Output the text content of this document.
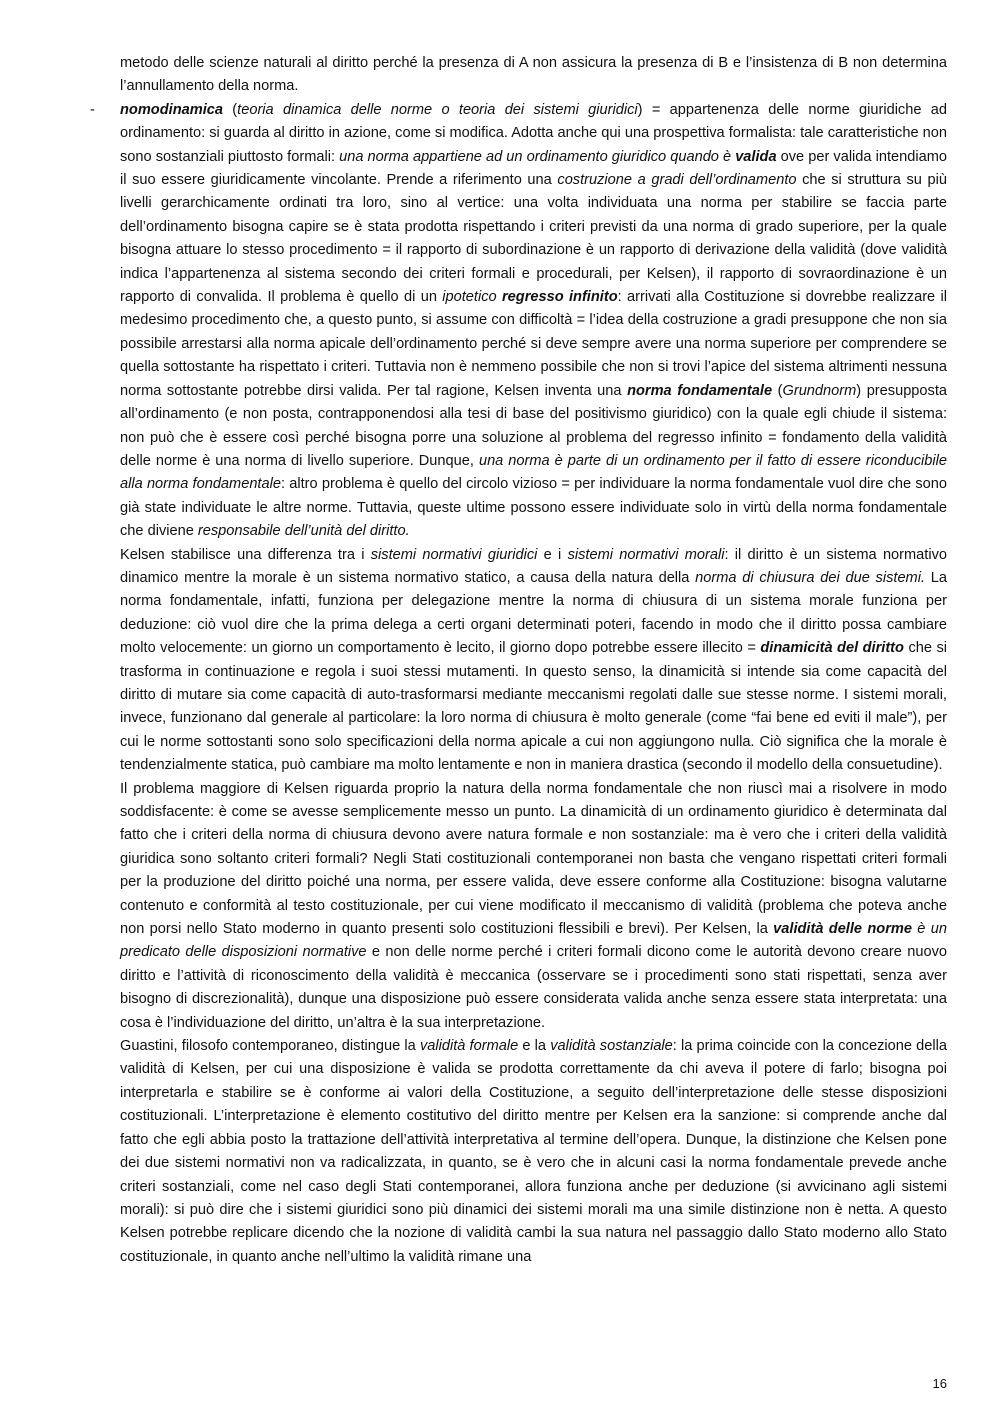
metodo delle scienze naturali al diritto perché la presenza di A non assicura la presenza di B e l’insistenza di B non determina l’annullamento della norma.

- nomodinamica (teoria dinamica delle norme o teoria dei sistemi giuridici) = appartenenza delle norme giuridiche ad ordinamento: si guarda al diritto in azione, come si modifica. Adotta anche qui una prospettiva formalista: tale caratteristiche non sono sostanziali piuttosto formali: una norma appartiene ad un ordinamento giuridico quando è valida ove per valida intendiamo il suo essere giuridicamente vincolante. Prende a riferimento una costruzione a gradi dell’ordinamento che si struttura su più livelli gerarchicamente ordinati tra loro, sino al vertice: una volta individuata una norma per stabilire se faccia parte dell’ordinamento bisogna capire se è stata prodotta rispettando i criteri previsti da una norma di grado superiore, per la quale bisogna attuare lo stesso procedimento = il rapporto di subordinazione è un rapporto di derivazione della validità (dove validità indica l’appartenenza al sistema secondo dei criteri formali e procedurali, per Kelsen), il rapporto di sovraordinazione è un rapporto di convalida. Il problema è quello di un ipotetico regresso infinito: arrivati alla Costituzione si dovrebbe realizzare il medesimo procedimento che, a questo punto, si assume con difficoltà = l’idea della costruzione a gradi presuppone che non sia possibile arrestarsi alla norma apicale dell’ordinamento perché si deve sempre avere una norma superiore per comprendere se quella sottostante ha rispettato i criteri. Tuttavia non è nemmeno possibile che non si trovi l’apice del sistema altrimenti nessuna norma sottostante potrebbe dirsi valida. Per tal ragione, Kelsen inventa una norma fondamentale (Grundnorm) presupposta all’ordinamento (e non posta, contrapponendosi alla tesi di base del positivismo giuridico) con la quale egli chiude il sistema: non può che è essere così perché bisogna porre una soluzione al problema del regresso infinito = fondamento della validità delle norme è una norma di livello superiore. Dunque, una norma è parte di un ordinamento per il fatto di essere riconducibile alla norma fondamentale: altro problema è quello del circolo vizioso = per individuare la norma fondamentale vuol dire che sono già state individuate le altre norme. Tuttavia, queste ultime possono essere individuate solo in virtù della norma fondamentale che diviene responsabile dell’unità del diritto.

Kelsen stabilisce una differenza tra i sistemi normativi giuridici e i sistemi normativi morali: il diritto è un sistema normativo dinamico mentre la morale è un sistema normativo statico, a causa della natura della norma di chiusura dei due sistemi. La norma fondamentale, infatti, funziona per delegazione mentre la norma di chiusura di un sistema morale funziona per deduzione: ciò vuol dire che la prima delega a certi organi determinati poteri, facendo in modo che il diritto possa cambiare molto velocemente: un giorno un comportamento è lecito, il giorno dopo potrebbe essere illecito = dinamicità del diritto che si trasforma in continuazione e regola i suoi stessi mutamenti. In questo senso, la dinamicità si intende sia come capacità del diritto di mutare sia come capacità di auto-trasformarsi mediante meccanismi regolati dalle sue stesse norme. I sistemi morali, invece, funzionano dal generale al particolare: la loro norma di chiusura è molto generale (come “fai bene ed eviti il male”), per cui le norme sottostanti sono solo specificazioni della norma apicale a cui non aggiungono nulla. Ciò significa che la morale è tendenzialmente statica, può cambiare ma molto lentamente e non in maniera drastica (secondo il modello della consuetudine).

Il problema maggiore di Kelsen riguarda proprio la natura della norma fondamentale che non riuscì mai a risolvere in modo soddisfacente: è come se avesse semplicemente messo un punto. La dinamicità di un ordinamento giuridico è determinata dal fatto che i criteri della norma di chiusura devono avere natura formale e non sostanziale: ma è vero che i criteri della validità giuridica sono soltanto criteri formali? Negli Stati costituzionali contemporanei non basta che vengano rispettati criteri formali per la produzione del diritto poiché una norma, per essere valida, deve essere conforme alla Costituzione: bisogna valutarne contenuto e conformità al testo costituzionale, per cui viene modificato il meccanismo di validità (problema che poteva anche non porsi nello Stato moderno in quanto presenti solo costituzioni flessibili e brevi). Per Kelsen, la validità delle norme è un predicato delle disposizioni normative e non delle norme perché i criteri formali dicono come le autorità devono creare nuovo diritto e l’attività di riconoscimento della validità è meccanica (osservare se i procedimenti sono stati rispettati, senza aver bisogno di discrezionalità), dunque una disposizione può essere considerata valida anche senza essere stata interpretata: una cosa è l’individuazione del diritto, un’altra è la sua interpretazione.

Guastini, filosofo contemporaneo, distingue la validità formale e la validità sostanziale: la prima coincide con la concezione della validità di Kelsen, per cui una disposizione è valida se prodotta correttamente da chi aveva il potere di farlo; bisogna poi interpretarla e stabilire se è conforme ai valori della Costituzione, a seguito dell’interpretazione delle stesse disposizioni costituzionali. L’interpretazione è elemento costitutivo del diritto mentre per Kelsen era la sanzione: si comprende anche dal fatto che egli abbia posto la trattazione dell’attività interpretativa al termine dell’opera. Dunque, la distinzione che Kelsen pone dei due sistemi normativi non va radicalizzata, in quanto, se è vero che in alcuni casi la norma fondamentale prevede anche criteri sostanziali, come nel caso degli Stati contemporanei, allora funziona anche per deduzione (si avvicinano agli sistemi morali): si può dire che i sistemi giuridici sono più dinamici dei sistemi morali ma una simile distinzione non è netta. A questo Kelsen potrebbe replicare dicendo che la nozione di validità cambi la sua natura nel passaggio dallo Stato moderno allo Stato costituzionale, in quanto anche nell’ultimo la validità rimane una

16
